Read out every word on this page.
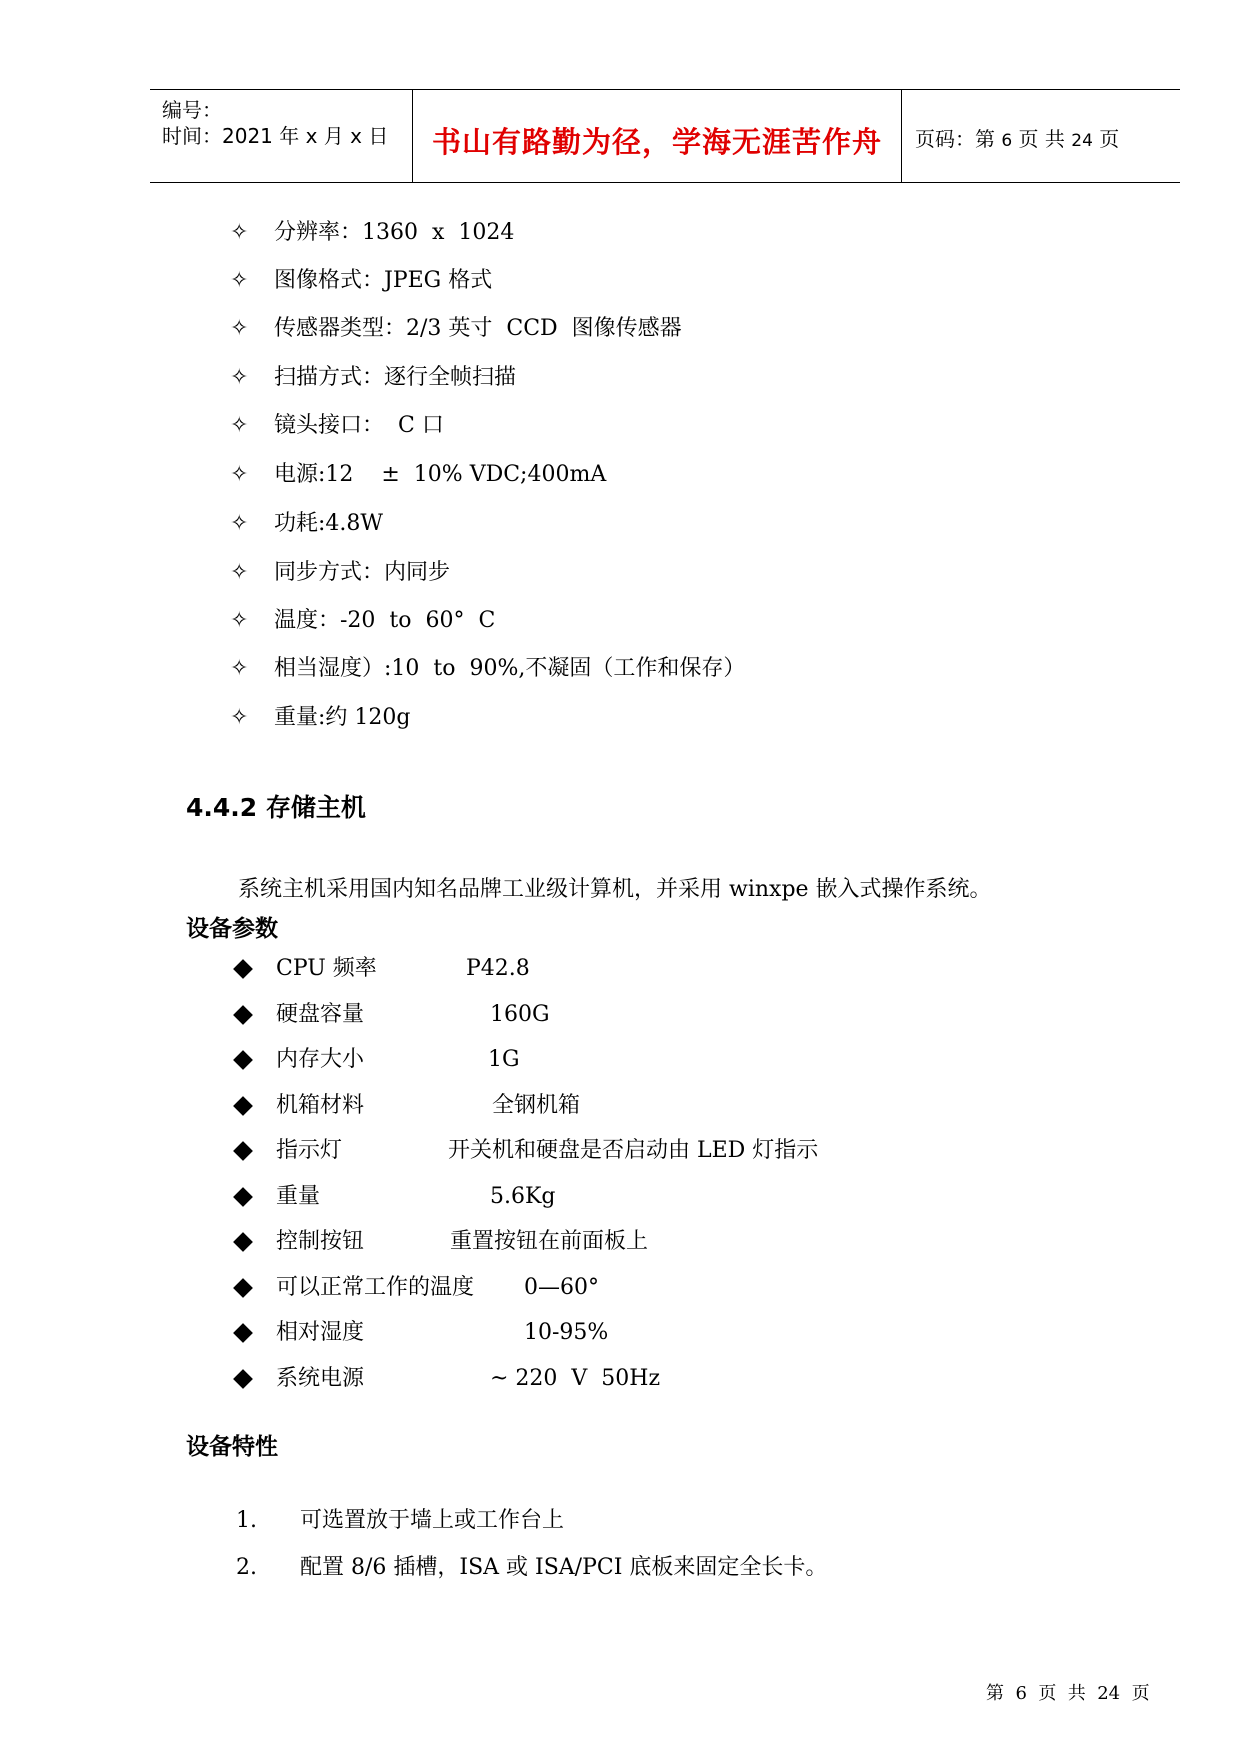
编号：
时间：2021 年 x 月 x 日	书山有路勤为径，学海无涯苦作舟	页码：第 6 页 共 24 页
✧ 分辨率：1360  x  1024
✧ 图像格式：JPEG 格式
✧ 传感器类型：2/3 英寸  CCD  图像传感器
✧ 扫描方式：逐行全帧扫描
✧ 镜头接口：  C 口
✧ 电源:12    ±  10% VDC;400mA
✧ 功耗:4.8W
✧ 同步方式：内同步
✧ 温度：-20  to  60°  C
✧ 相当湿度）:10  to  90%,不凝固（工作和保存）
✧ 重量:约 120g
4.4.2 存储主机
系统主机采用国内知名品牌工业级计算机，并采用 winxpe 嵌入式操作系统。
设备参数
CPU 频率	P42.8
硬盘容量	160G
内存大小	1G
机箱材料	全钢机箱
指示灯	开关机和硬盘是否启动由 LED 灯指示
重量	5.6Kg
控制按钮	重置按钮在前面板上
可以正常工作的温度 0—60°
相对湿度	10-95%
系统电源	~ 220  V  50Hz
设备特性
1. 可选置放于墙上或工作台上
2. 配置 8/6 插槽，ISA 或 ISA/PCI 底板来固定全长卡。
第  6  页  共  24  页
